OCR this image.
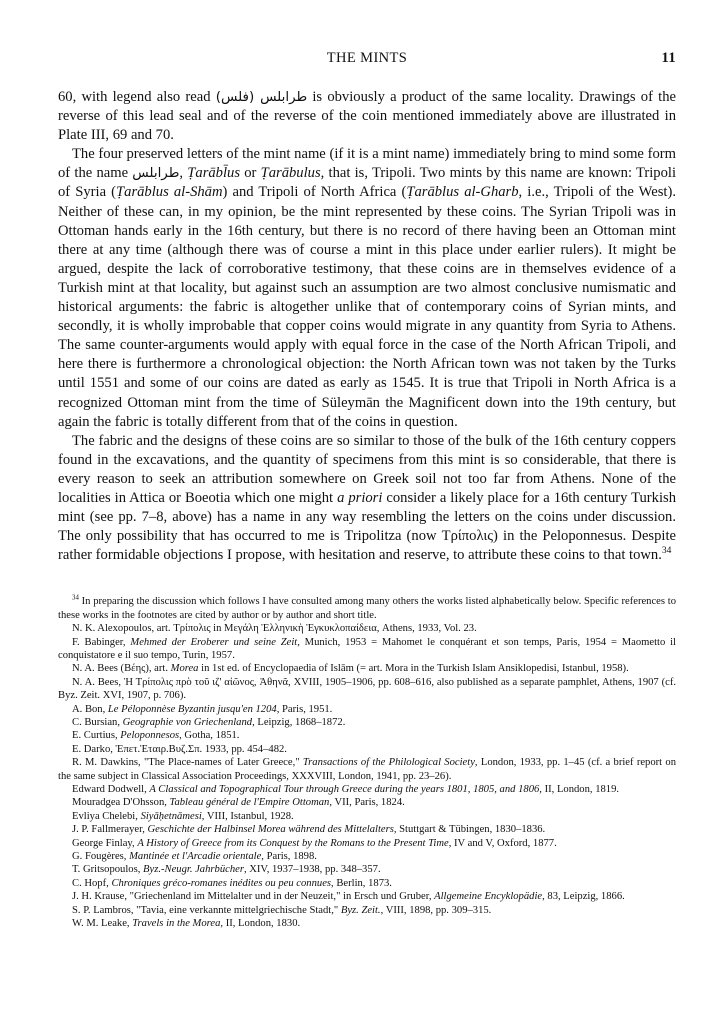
THE MINTS	11

60, with legend also read (فلس) طرابلس is obviously a product of the same locality. Drawings of the reverse of this lead seal and of the reverse of the coin mentioned immediately above are illustrated in Plate III, 69 and 70.

The four preserved letters of the mint name (if it is a mint name) immediately bring to mind some form of the name طرابلس, Ṭarābl̄us or Ṭarābulus, that is, Tripoli. Two mints by this name are known: Tripoli of Syria (Ṭarāblus al-Shām) and Tripoli of North Africa (Ṭarāblus al-Gharb, i.e., Tripoli of the West). Neither of these can, in my opinion, be the mint represented by these coins. The Syrian Tripoli was in Ottoman hands early in the 16th century, but there is no record of there having been an Ottoman mint there at any time (although there was of course a mint in this place under earlier rulers). It might be argued, despite the lack of corroborative testimony, that these coins are in themselves evidence of a Turkish mint at that locality, but against such an assumption are two almost conclusive numismatic and historical arguments: the fabric is altogether unlike that of contemporary coins of Syrian mints, and secondly, it is wholly improbable that copper coins would migrate in any quantity from Syria to Athens. The same counter-arguments would apply with equal force in the case of the North African Tripoli, and here there is furthermore a chronological objection: the North African town was not taken by the Turks until 1551 and some of our coins are dated as early as 1545. It is true that Tripoli in North Africa is a recognized Ottoman mint from the time of Süleymān the Magnificent down into the 19th century, but again the fabric is totally different from that of the coins in question.

The fabric and the designs of these coins are so similar to those of the bulk of the 16th century coppers found in the excavations, and the quantity of specimens from this mint is so considerable, that there is every reason to seek an attribution somewhere on Greek soil not too far from Athens. None of the localities in Attica or Boeotia which one might a priori consider a likely place for a 16th century Turkish mint (see pp. 7–8, above) has a name in any way resembling the letters on the coins under discussion. The only possibility that has occurred to me is Tripolitza (now Τρίπολις) in the Peloponnesus. Despite rather formidable objections I propose, with hesitation and reserve, to attribute these coins to that town.$^{34}$

$^{34}$ In preparing the discussion which follows I have consulted among many others the works listed alphabetically below. Specific references to these works in the footnotes are cited by author or by author and short title.

N. K. Alexopoulos, art. Τρίπολις in Μεγάλη Ἑλληνικὴ Ἐγκυκλοπαίδεια, Athens, 1933, Vol. 23.
F. Babinger, Mehmed der Eroberer und seine Zeit, Munich, 1953 = Mahomet le conquérant et son temps, Paris, 1954 = Maometto il conquistatore e il suo tempo, Turin, 1957.
N. A. Bees (Βέης), art. Morea in 1st ed. of Encyclopaedia of Islām (= art. Mora in the Turkish Islam Ansiklopedisi, Istanbul, 1958).
N. A. Bees, Ἡ Τρίπολις πρὸ τοῦ ιζ' αἰῶνος, Ἀθηνᾶ, XVIII, 1905–1906, pp. 608–616, also published as a separate pamphlet, Athens, 1907 (cf. Byz. Zeit. XVI, 1907, p. 706).
A. Bon, Le Péloponnèse Byzantin jusqu'en 1204, Paris, 1951.
C. Bursian, Geographie von Griechenland, Leipzig, 1868–1872.
E. Curtius, Peloponnesos, Gotha, 1851.
E. Darko, Ἐπετ.Ἑταιρ.Βυζ.Σπ. 1933, pp. 454–482.
R. M. Dawkins, "The Place-names of Later Greece," Transactions of the Philological Society, London, 1933, pp. 1–45 (cf. a brief report on the same subject in Classical Association Proceedings, XXXVIII, London, 1941, pp. 23–26).
Edward Dodwell, A Classical and Topographical Tour through Greece during the years 1801, 1805, and 1806, II, London, 1819.
Mouradgea D'Ohsson, Tableau général de l'Empire Ottoman, VII, Paris, 1824.
Evliya Chelebi, Siyāḥetnāmesi, VIII, Istanbul, 1928.
J. P. Fallmerayer, Geschichte der Halbinsel Morea während des Mittelalters, Stuttgart & Tübingen, 1830–1836.
George Finlay, A History of Greece from its Conquest by the Romans to the Present Time, IV and V, Oxford, 1877.
G. Fougères, Mantinée et l'Arcadie orientale, Paris, 1898.
T. Gritsopoulos, Byz.-Neugr. Jahrbücher, XIV, 1937–1938, pp. 348–357.
C. Hopf, Chroniques gréco-romanes inédites ou peu connues, Berlin, 1873.
J. H. Krause, "Griechenland im Mittelalter und in der Neuzeit," in Ersch und Gruber, Allgemeine Encyklopädie, 83, Leipzig, 1866.
S. P. Lambros, "Tavia, eine verkannte mittelgriechische Stadt," Byz. Zeit., VIII, 1898, pp. 309–315.
W. M. Leake, Travels in the Morea, II, London, 1830.
